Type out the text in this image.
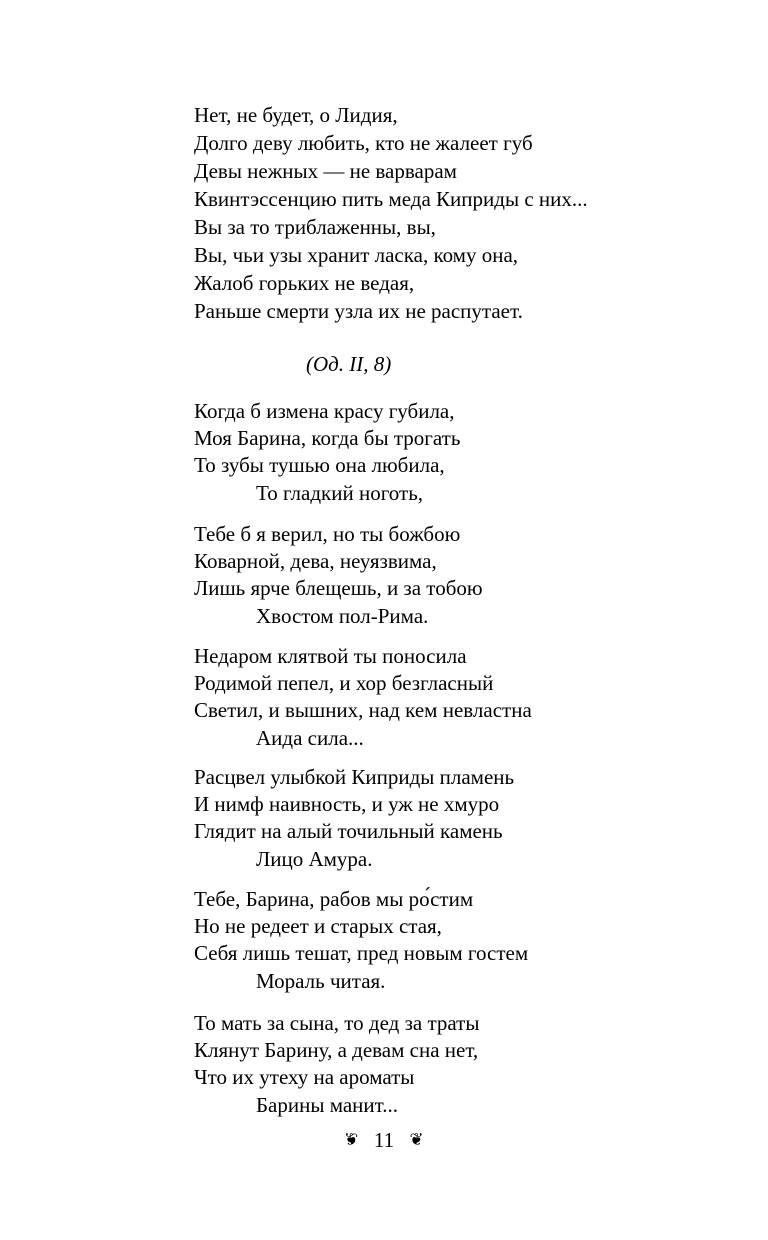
Нет, не будет, о Лидия,
Долго деву любить, кто не жалеет губ
Девы нежных — не варварам
Квинтэссенцию пить меда Киприды с них...
Вы за то триблаженны, вы,
Вы, чьи узы хранит ласка, кому она,
Жалоб горьких не ведая,
Раньше смерти узла их не распутает.
(Од. II, 8)
Когда б измена красу губила,
Моя Барина, когда бы трогать
То зубы тушью она любила,
То гладкий ноготь,
Тебе б я верил, но ты божбою
Коварной, дева, неуязвима,
Лишь ярче блещешь, и за тобою
Хвостом пол-Рима.
Недаром клятвой ты поносила
Родимой пепел, и хор безгласный
Светил, и вышних, над кем невластна
Аида сила...
Расцвел улыбкой Киприды пламень
И нимф наивность, и уж не хмуро
Глядит на алый точильный камень
Лицо Амура.
Тебе, Барина, рабов мы ро́стим
Но не редеет и старых стая,
Себя лишь тешат, пред новым гостем
Мораль читая.
То мать за сына, то дед за траты
Клянут Барину, а девам сна нет,
Что их утеху на ароматы
Барины манит...
❦ 11 ❦
